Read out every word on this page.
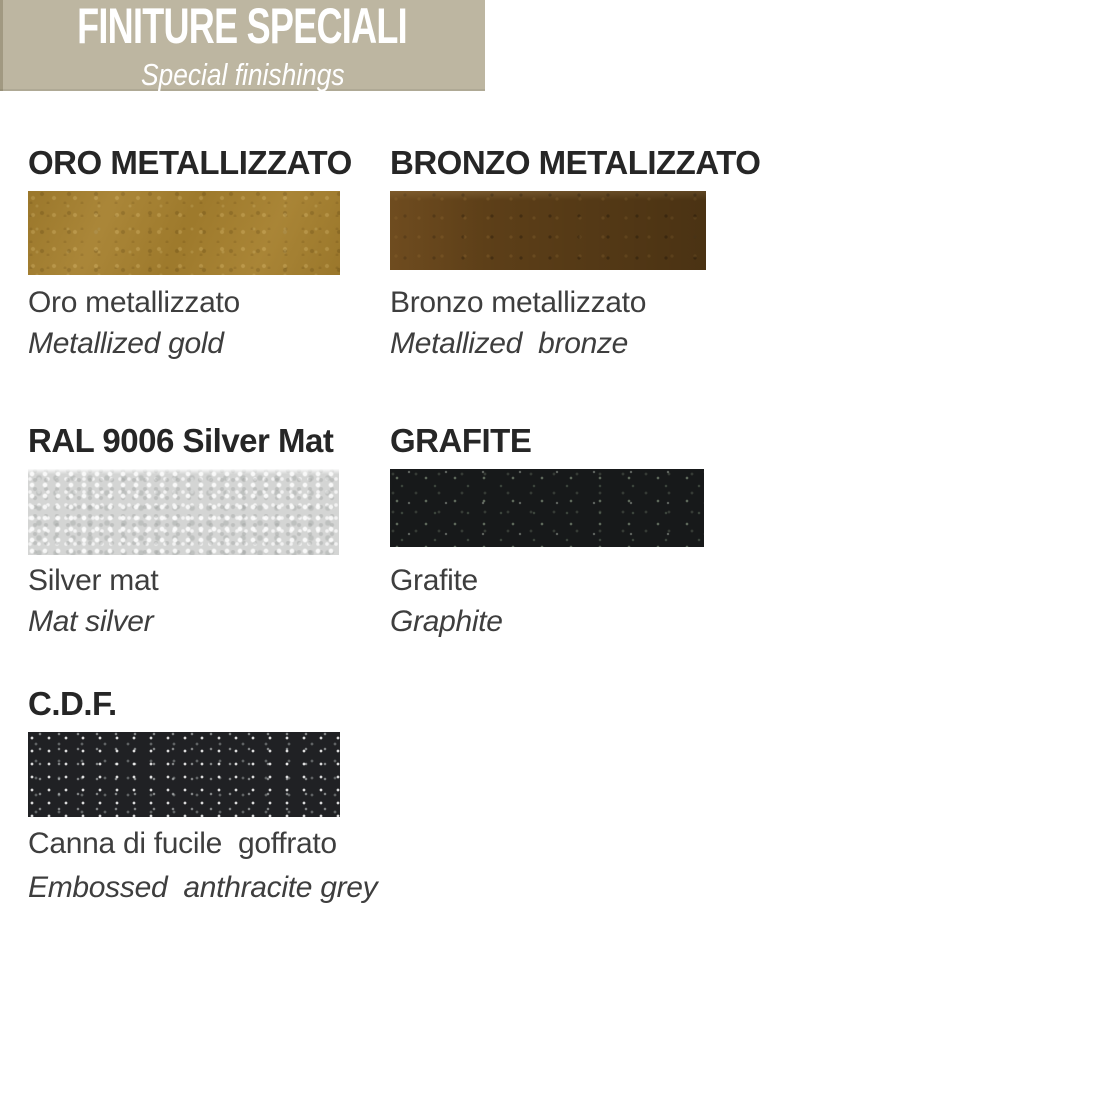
FINITURE SPECIALI
Special finishings
ORO METALLIZZATO

Oro metallizzato

Metallized gold

BRONZO METALIZZATO

Bronzo metallizzato

Metallized  bronze

RAL 9006 Silver Mat

Silver mat

Mat silver

GRAFITE

Grafite

Graphite

C.D.F.

Canna di fucile  goffrato

Embossed  anthracite grey
